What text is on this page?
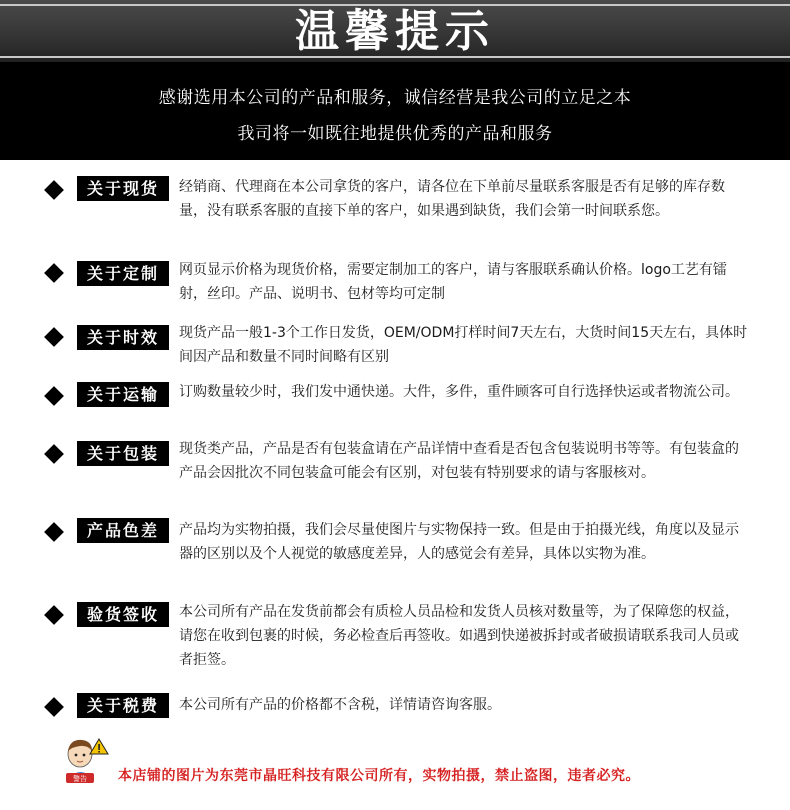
温馨提示
感谢选用本公司的产品和服务，诚信经营是我公司的立足之本
我司将一如既往地提供优秀的产品和服务
关于现货	经销商、代理商在本公司拿货的客户，请各位在下单前尽量联系客服是否有足够的库存数量，没有联系客服的直接下单的客户，如果遇到缺货，我们会第一时间联系您。
关于定制	网页显示价格为现货价格，需要定制加工的客户，请与客服联系确认价格。logo工艺有镭射，丝印。产品、说明书、包材等均可定制
关于时效	现货产品一般1-3个工作日发货，OEM/ODM打样时间7天左右，大货时间15天左右，具体时间因产品和数量不同时间略有区别
关于运输	订购数量较少时，我们发中通快递。大件，多件，重件顾客可自行选择快运或者物流公司。
关于包装	现货类产品，产品是否有包装盒请在产品详情中查看是否包含包装说明书等等。有包装盒的产品会因批次不同包装盒可能会有区别，对包装有特别要求的请与客服核对。
产品色差	产品均为实物拍摄，我们会尽量使图片与实物保持一致。但是由于拍摄光线，角度以及显示器的区别以及个人视觉的敏感度差异，人的感觉会有差异，具体以实物为准。
验货签收	本公司所有产品在发货前都会有质检人员品检和发货人员核对数量等，为了保障您的权益，请您在收到包裹的时候，务必检查后再签收。如遇到快递被拆封或者破损请联系我司人员或者拒签。
关于税费	本公司所有产品的价格都不含税，详情请咨询客服。
警告 本店铺的图片为东莞市晶旺科技有限公司所有，实物拍摄，禁止盗图，违者必究。
